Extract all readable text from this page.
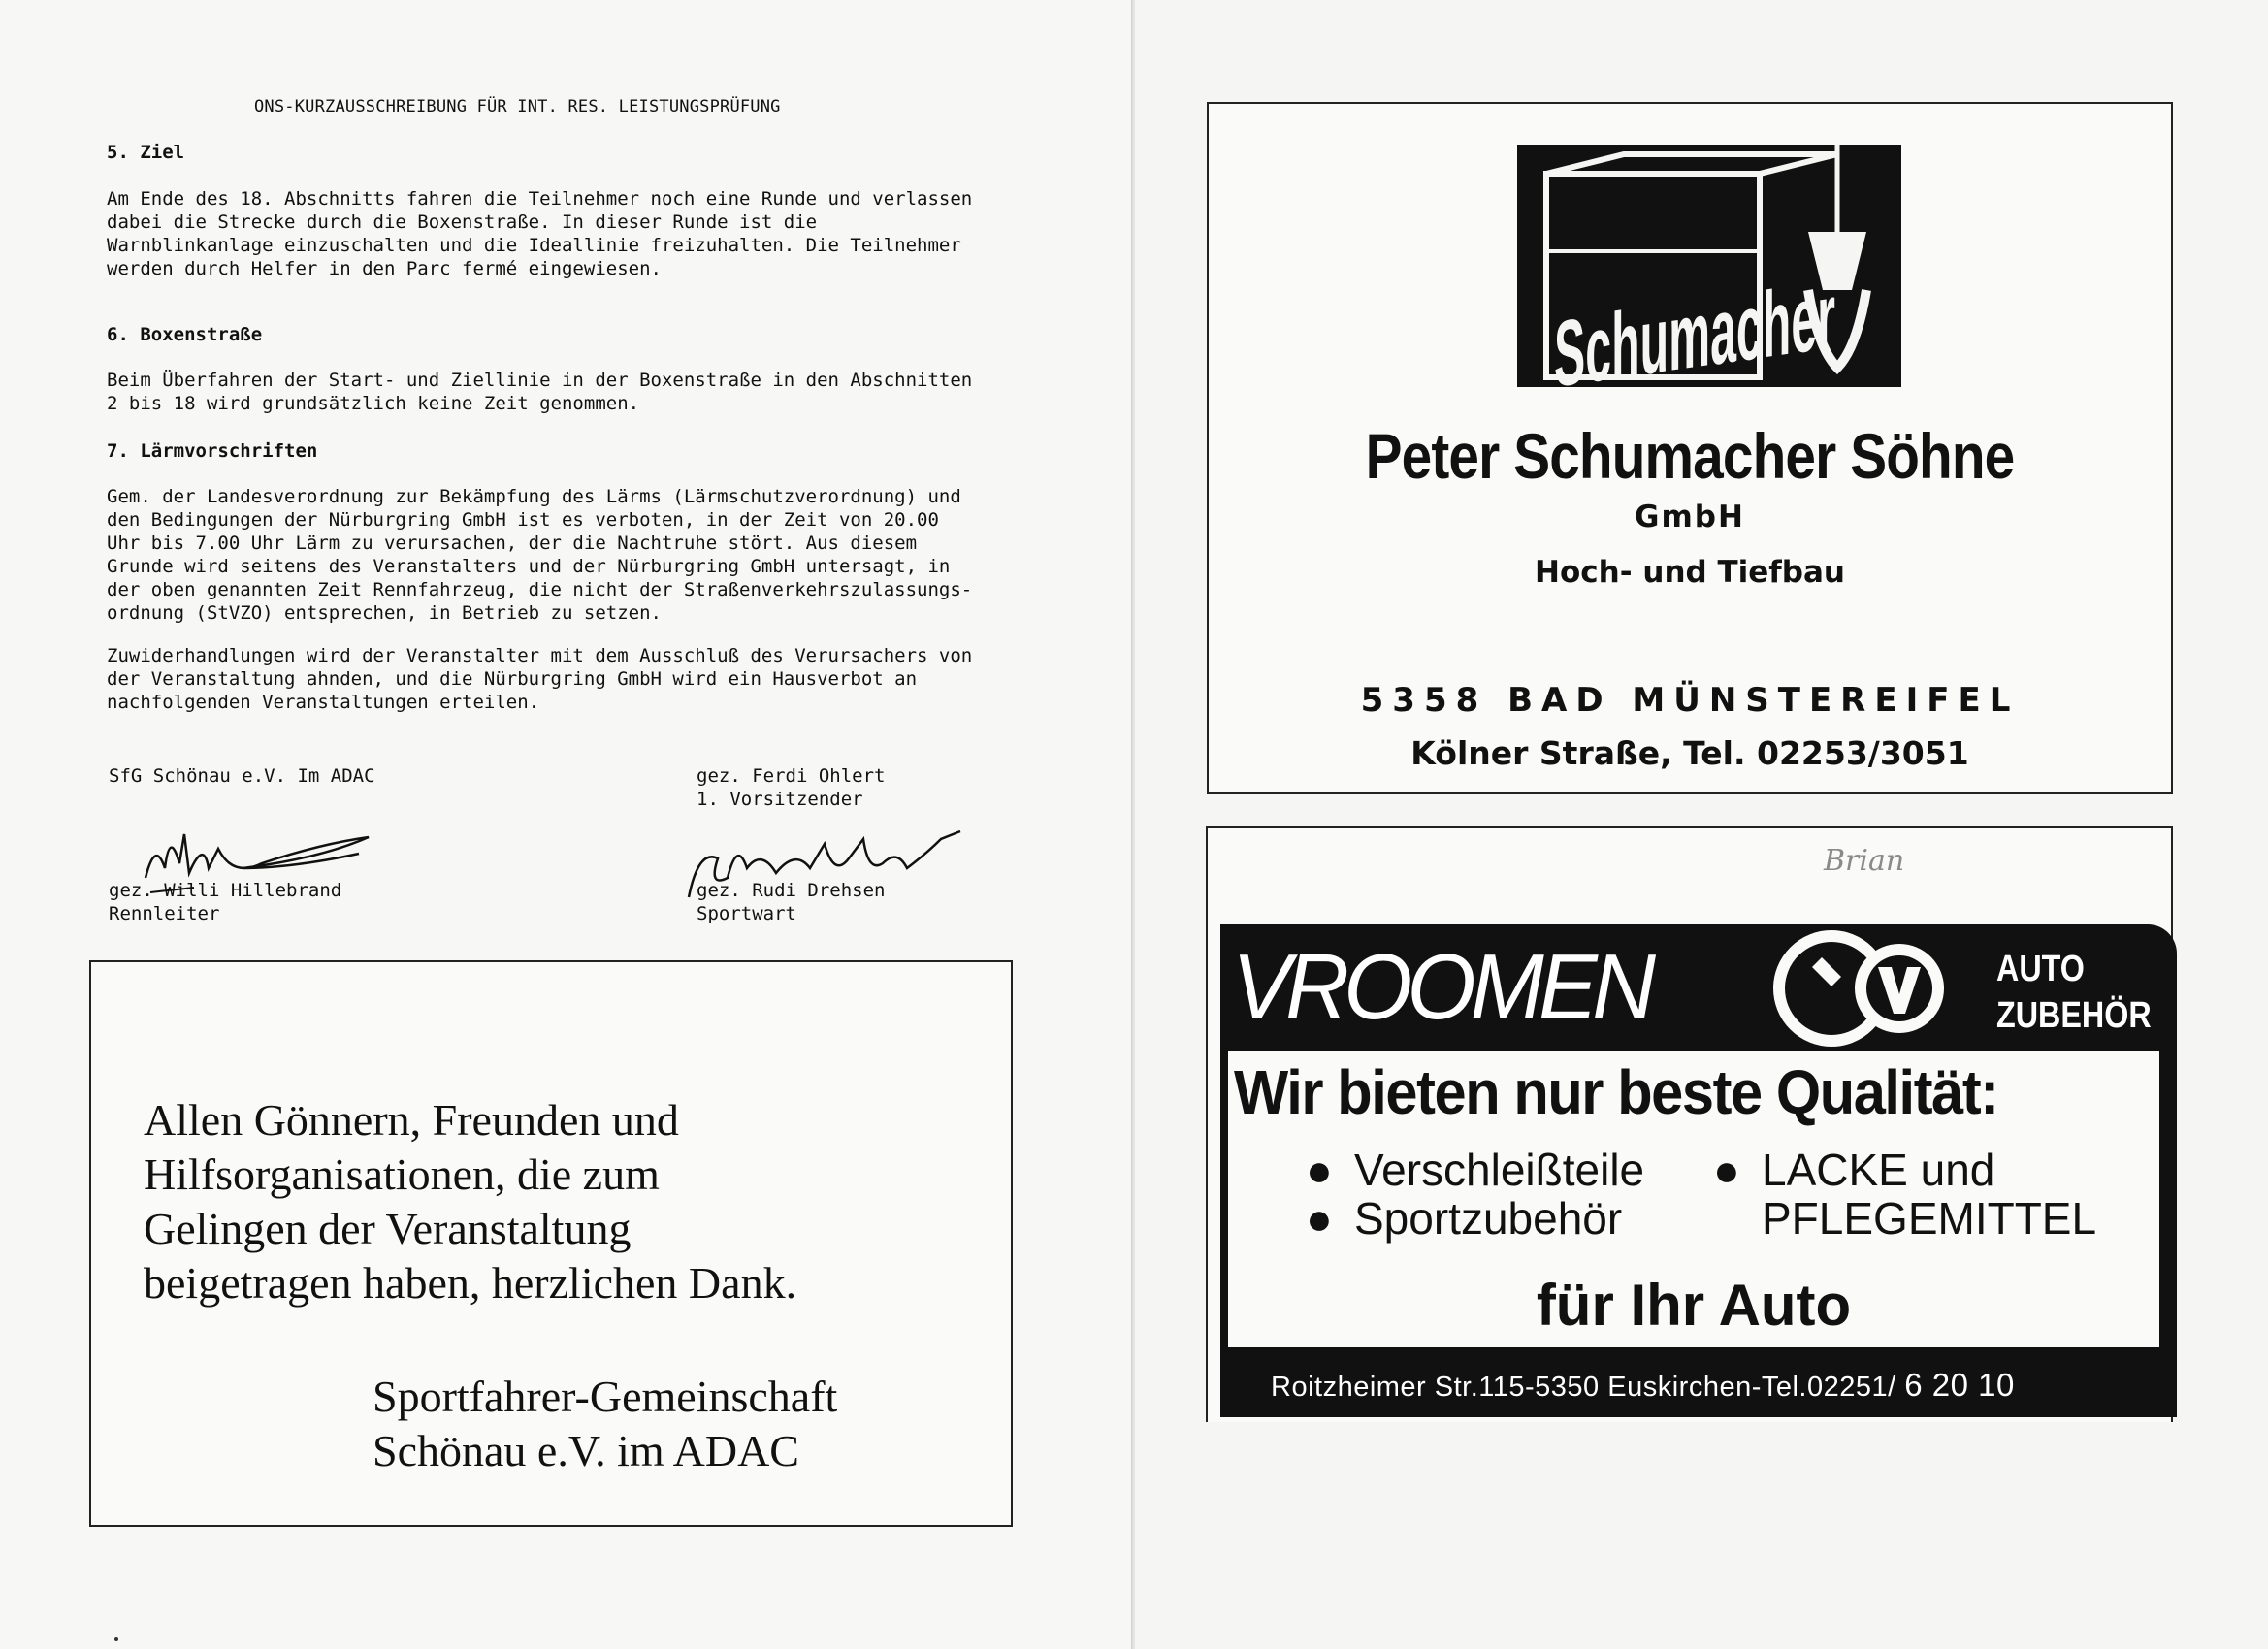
ONS-KURZAUSSCHREIBUNG FÜR INT. RES. LEISTUNGSPRÜFUNG
5. Ziel
Am Ende des 18. Abschnitts fahren die Teilnehmer noch eine Runde und verlassen
dabei die Strecke durch die Boxenstraße. In dieser Runde ist die
Warnblinkanlage einzuschalten und die Ideallinie freizuhalten. Die Teilnehmer
werden durch Helfer in den Parc fermé eingewiesen.
6. Boxenstraße
Beim Überfahren der Start- und Ziellinie in der Boxenstraße in den Abschnitten
2 bis 18 wird grundsätzlich keine Zeit genommen.
7. Lärmvorschriften
Gem. der Landesverordnung zur Bekämpfung des Lärms (Lärmschutzverordnung) und
den Bedingungen der Nürburgring GmbH ist es verboten, in der Zeit von 20.00
Uhr bis 7.00 Uhr Lärm zu verursachen, der die Nachtruhe stört. Aus diesem
Grunde wird seitens des Veranstalters und der Nürburgring GmbH untersagt, in
der oben genannten Zeit Rennfahrzeug, die nicht der Straßenverkehrszulassungs-
ordnung (StVZO) entsprechen, in Betrieb zu setzen.
Zuwiderhandlungen wird der Veranstalter mit dem Ausschluß des Verursachers von
der Veranstaltung ahnden, und die Nürburgring GmbH wird ein Hausverbot an
nachfolgenden Veranstaltungen erteilen.
SfG Schönau e.V. Im ADAC	gez. Ferdi Ohlert
1. Vorsitzender
gez. Willi Hillebrand
Rennleiter
gez. Rudi Drehsen
Sportwart
Allen Gönnern, Freunden und
Hilfsorganisationen, die zum
Gelingen der Veranstaltung
beigetragen haben, herzlichen Dank.
Sportfahrer-Gemeinschaft
Schönau e.V. im ADAC
Schumacher
Peter Schumacher Söhne
GmbH
Hoch- und Tiefbau
5358 BAD MÜNSTEREIFEL
Kölner Straße, Tel. 02253/3051
Brian
VROOMEN	AUTO
ZUBEHÖR
Wir bieten nur beste Qualität:
● Verschleißteile
● Sportzubehör
● LACKE und
PFLEGEMITTEL
für Ihr Auto
Roitzheimer Str.115-5350 Euskirchen-Tel.02251/ 6 20 10
